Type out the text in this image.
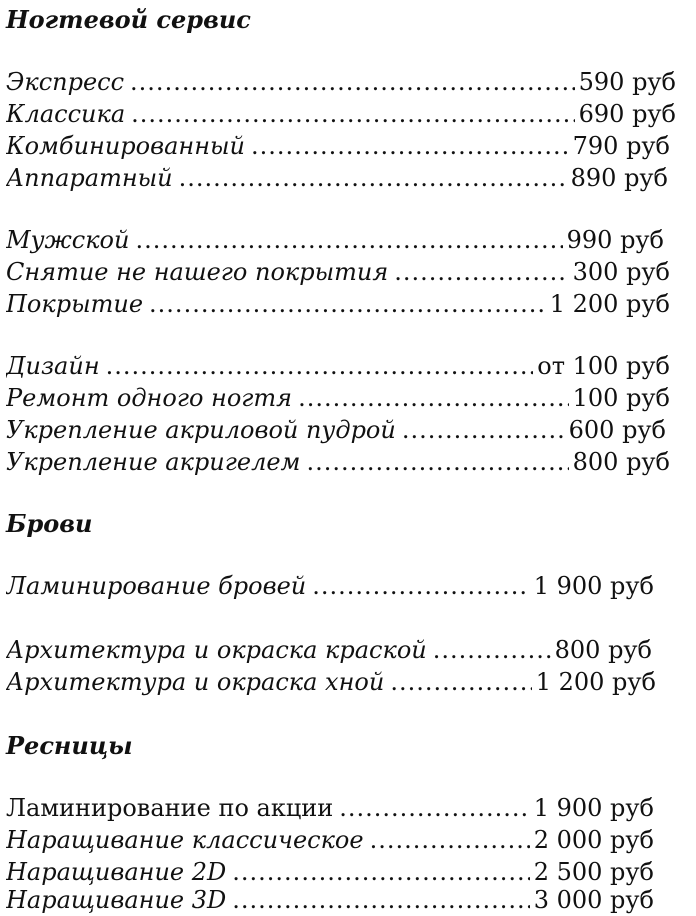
Ногтевой сервис
Экспресс .....	590 руб
Классика .....	690 руб
Комбинированный .....	790 руб
Аппаратный .....	890 руб
Мужской .....	990 руб
Снятие не нашего покрытия .....	300 руб
Покрытие .....	1 200 руб
Дизайн .....	от 100 руб
Ремонт одного ногтя .....	100 руб
Укрепление акриловой пудрой .....	600 руб
Укрепление акригелем .....	800 руб
Брови
Ламинирование бровей .....	1 900 руб
Архитектура и окраска краской .....	800 руб
Архитектура и окраска хной .....	1 200 руб
Ресницы
Ламинирование по акции .....	1 900 руб
Наращивание классическое .....	2 000 руб
Наращивание 2D .....	2 500 руб
Наращивание 3D .....	3 000 руб
